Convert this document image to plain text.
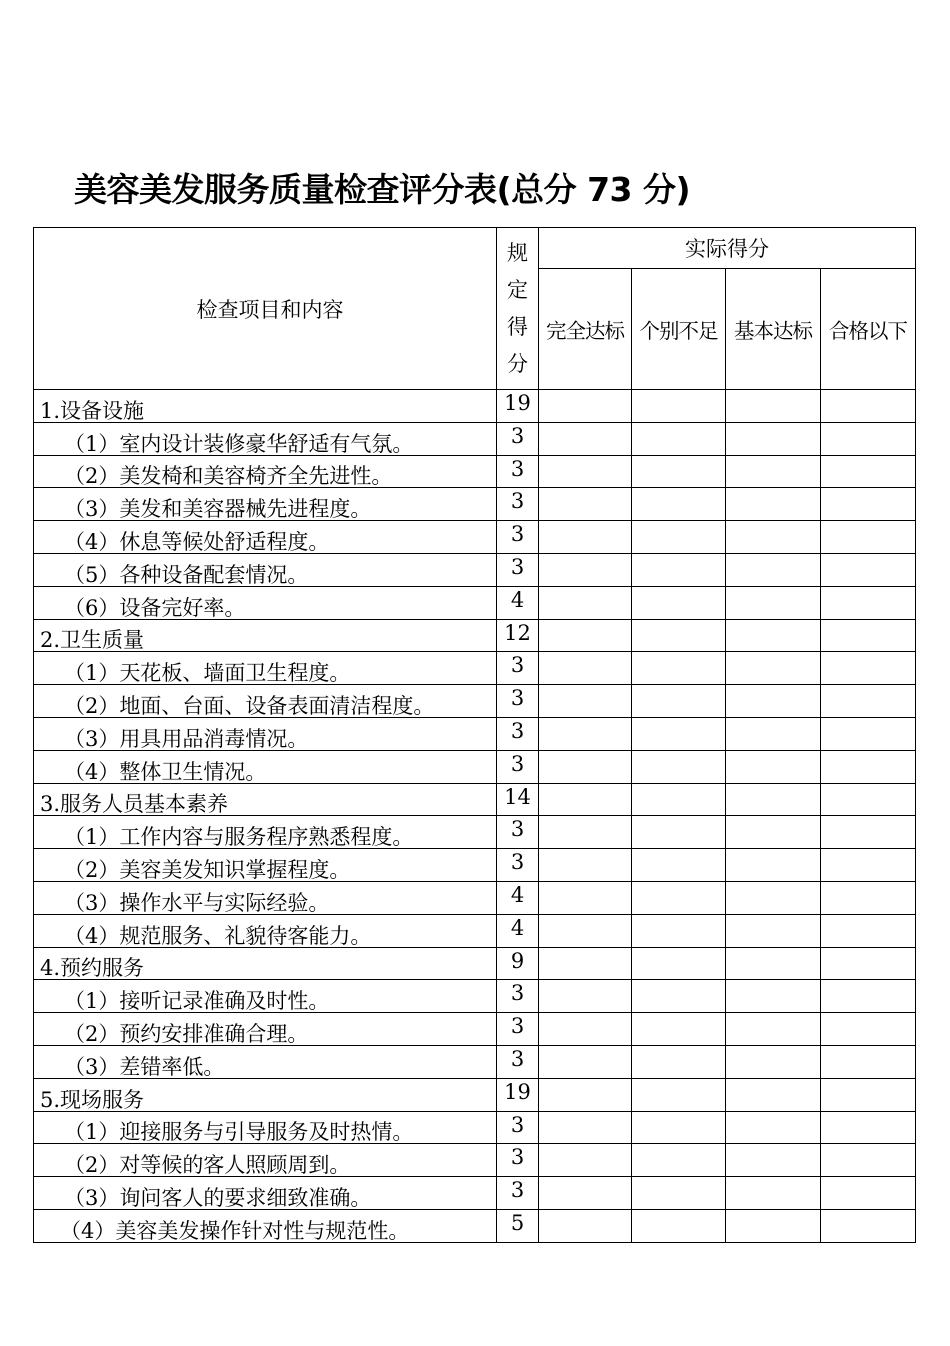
美容美发服务质量检查评分表(总分 73 分)
检查项目和内容	规
定
得
分	实际得分			
		完全达标	个别不足	基本达标	合格以下
1.设备设施	19				
（1）室内设计装修豪华舒适有气氛。	3				
（2）美发椅和美容椅齐全先进性。	3				
（3）美发和美容器械先进程度。	3				
（4）休息等候处舒适程度。	3				
（5）各种设备配套情况。	3				
（6）设备完好率。	4				
2.卫生质量	12				
（1）天花板、墙面卫生程度。	3				
（2）地面、台面、设备表面清洁程度。	3				
（3）用具用品消毒情况。	3				
（4）整体卫生情况。	3				
3.服务人员基本素养	14				
（1）工作内容与服务程序熟悉程度。	3				
（2）美容美发知识掌握程度。	3				
（3）操作水平与实际经验。	4				
（4）规范服务、礼貌待客能力。	4				
4.预约服务	9				
（1）接听记录准确及时性。	3				
（2）预约安排准确合理。	3				
（3）差错率低。	3				
5.现场服务	19				
（1）迎接服务与引导服务及时热情。	3				
（2）对等候的客人照顾周到。	3				
（3）询问客人的要求细致准确。	3				
（4）美容美发操作针对性与规范性。	5				
